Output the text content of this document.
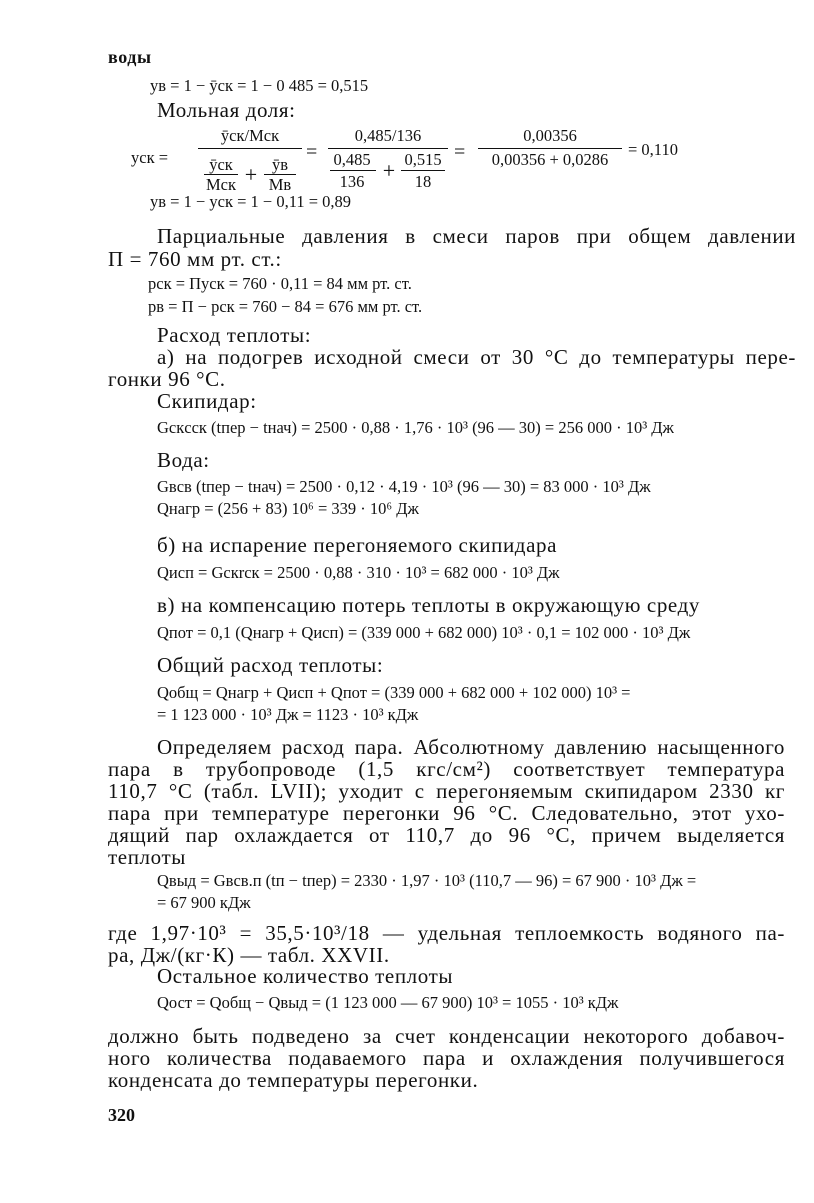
воды

yв = 1 − ȳск = 1 − 0 485 = 0,515

Мольная доля:

yск =
ȳск/Mск
ȳск
Mск + ȳв
Mв
=
0,485/136
0,485
136 + 0,515
18
=
0,00356
0,00356 + 0,0286
= 0,110

yв = 1 − yск = 1 − 0,11 = 0,89

Парциальные давления в смеси паров при общем давлении

П = 760 мм рт. ст.:

pск = Пyск = 760 · 0,11 = 84 мм рт. ст.

pв = П − pск = 760 − 84 = 676 мм рт. ст.

Расход теплоты:

а) на подогрев исходной смеси от 30 °С до температуры пере-

гонки 96 °С.

Скипидар:

Gскcск (tпер − tнач) = 2500 · 0,88 · 1,76 · 10³ (96 — 30) = 256 000 · 10³ Дж

Вода:

Gвcв (tпер − tнач) = 2500 · 0,12 · 4,19 · 10³ (96 — 30) = 83 000 · 10³ Дж

Qнагр = (256 + 83) 10⁶ = 339 · 10⁶ Дж

б) на испарение перегоняемого скипидара

Qисп = Gскrск = 2500 · 0,88 · 310 · 10³ = 682 000 · 10³ Дж

в) на компенсацию потерь теплоты в окружающую среду

Qпот = 0,1 (Qнагр + Qисп) = (339 000 + 682 000) 10³ · 0,1 = 102 000 · 10³ Дж

Общий расход теплоты:

Qобщ = Qнагр + Qисп + Qпот = (339 000 + 682 000 + 102 000) 10³ =

= 1 123 000 · 10³ Дж = 1123 · 10³ кДж

Определяем расход пара. Абсолютному давлению насыщенного

пара в трубопроводе (1,5 кгс/см²) соответствует температура

110,7 °С (табл. LVII); уходит с перегоняемым скипидаром 2330 кг

пара при температуре перегонки 96 °С. Следовательно, этот ухо-

дящий пар охлаждается от 110,7 до 96 °С, причем выделяется

теплоты

Qвыд = Gвcв.п (tп − tпер) = 2330 · 1,97 · 10³ (110,7 — 96) = 67 900 · 10³ Дж =

= 67 900 кДж

где 1,97·10³ = 35,5·10³/18 — удельная теплоемкость водяного па-

ра, Дж/(кг·К) — табл. XXVII.

Остальное количество теплоты

Qост = Qобщ − Qвыд = (1 123 000 — 67 900) 10³ = 1055 · 10³ кДж

должно быть подведено за счет конденсации некоторого добавоч-

ного количества подаваемого пара и охлаждения получившегося

конденсата до температуры перегонки.

320
